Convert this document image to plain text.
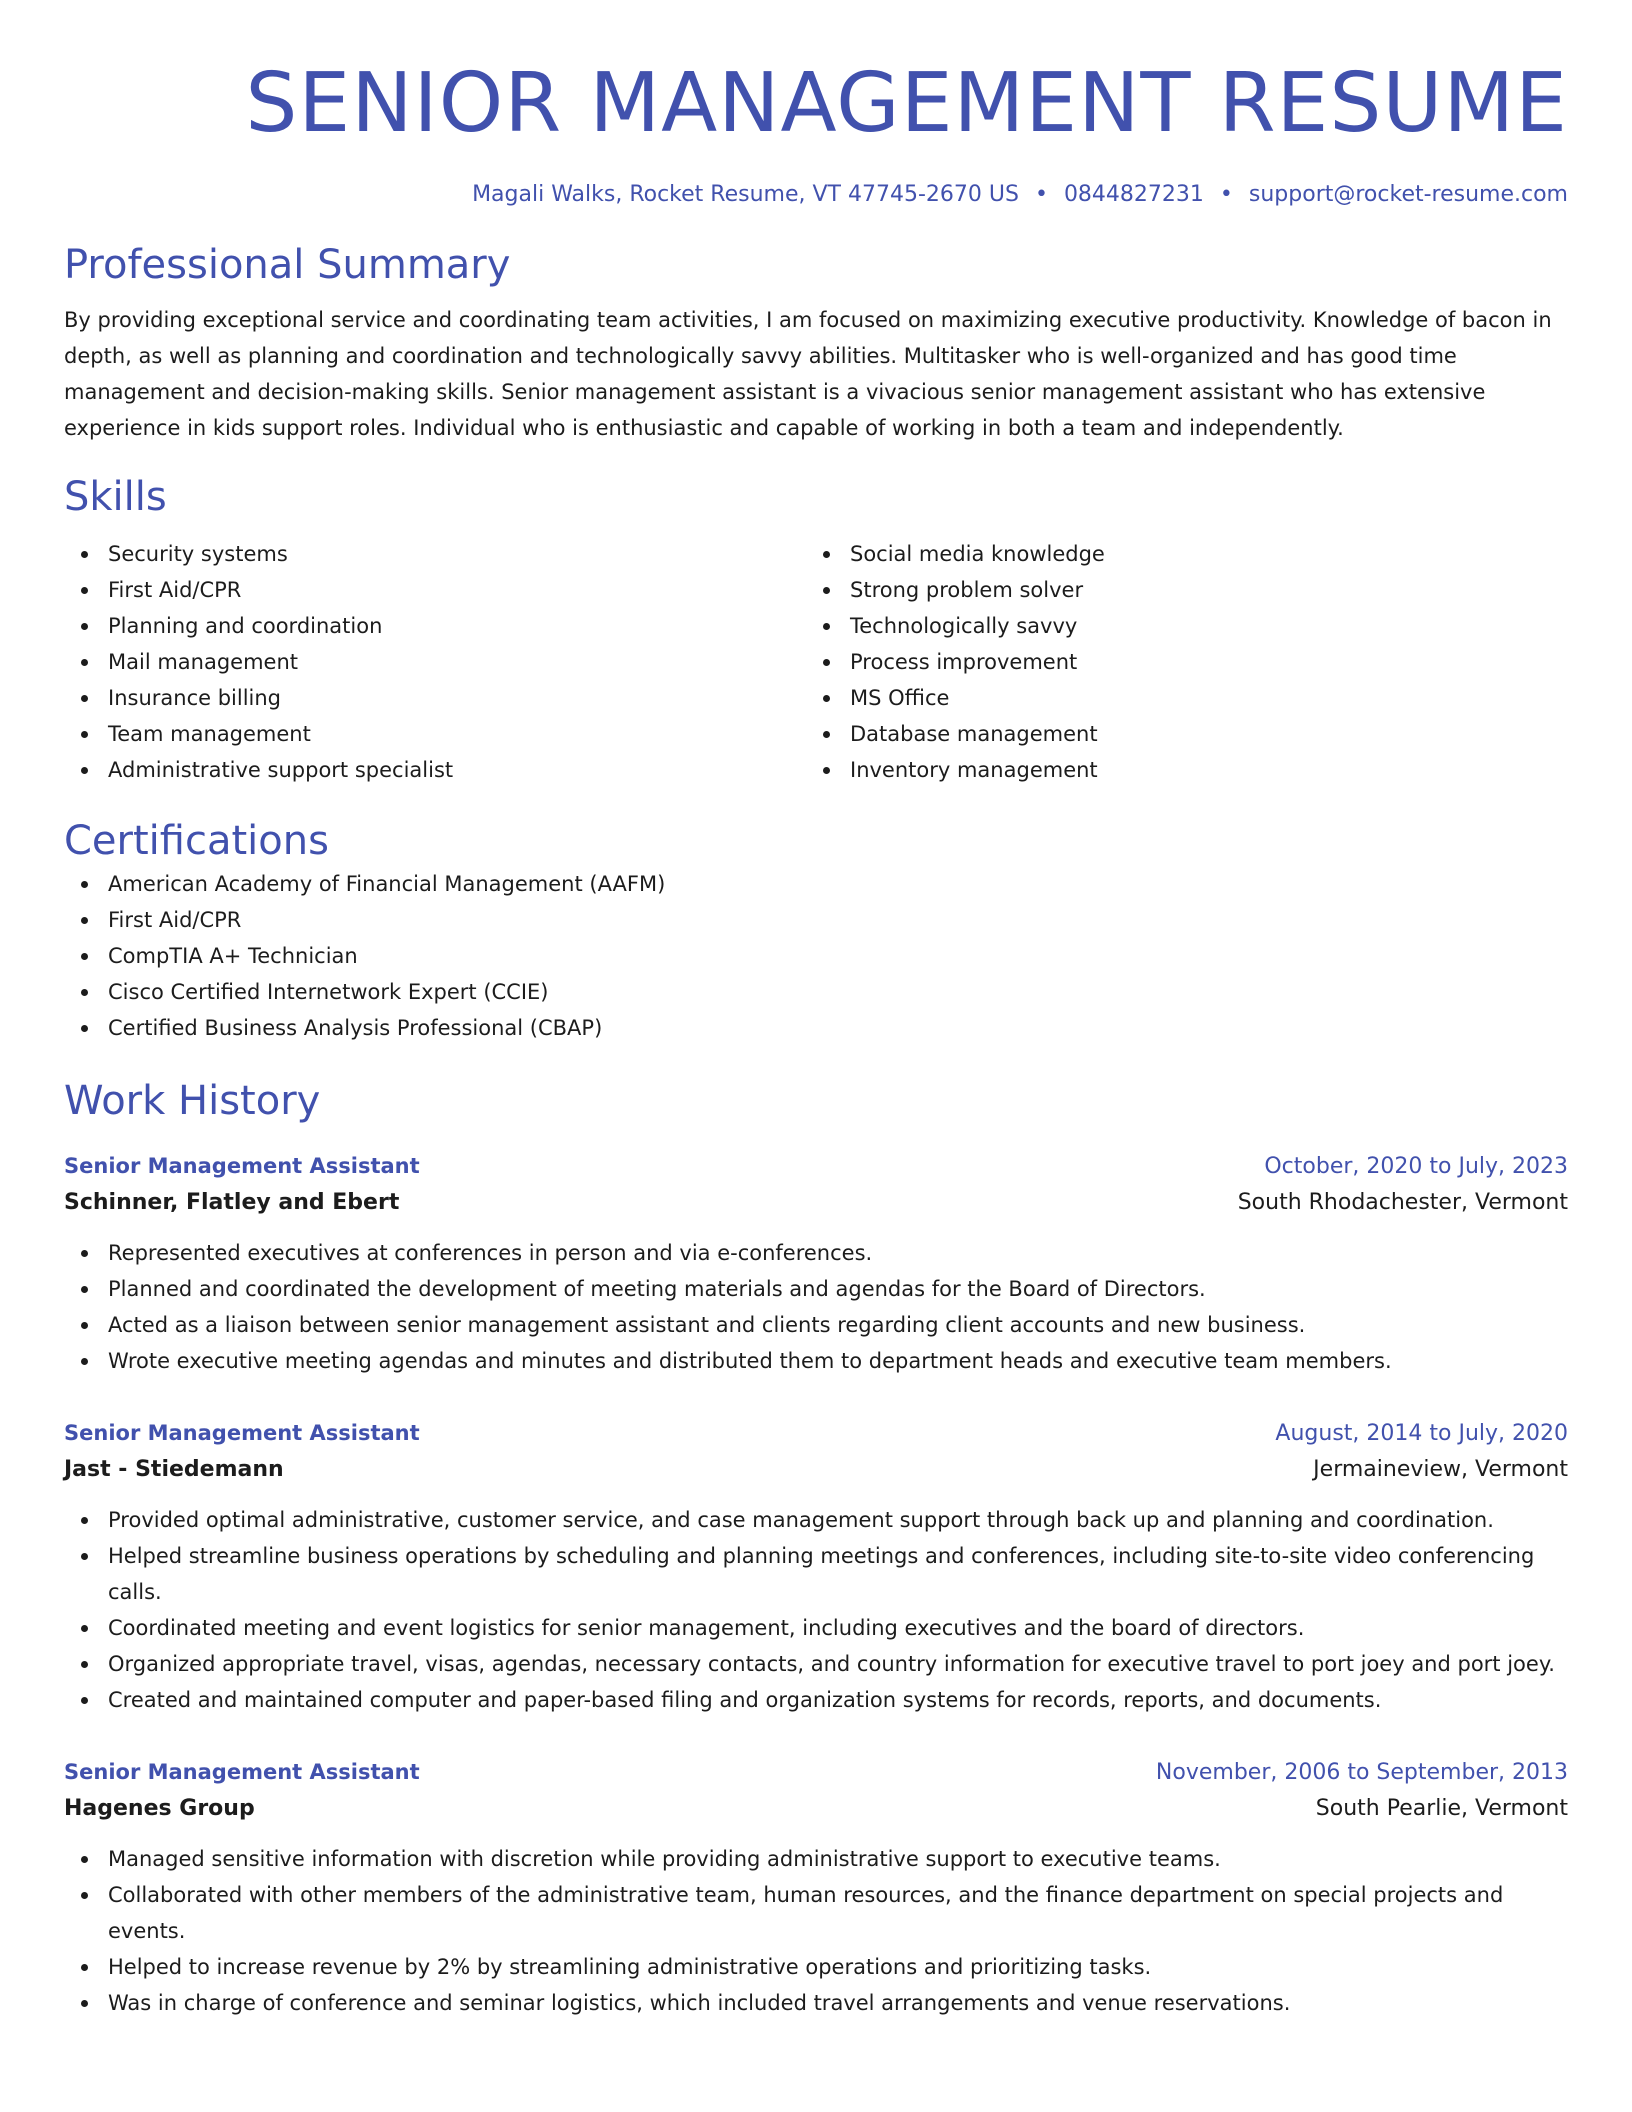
SENIOR MANAGEMENT RESUME
Magali Walks, Rocket Resume, VT 47745-2670 US • 0844827231 • support@rocket-resume.com
Professional Summary

By providing exceptional service and coordinating team activities, I am focused on maximizing executive productivity. Knowledge of bacon in depth, as well as planning and coordination and technologically savvy abilities. Multitasker who is well-organized and has good time management and decision-making skills. Senior management assistant is a vivacious senior management assistant who has extensive experience in kids support roles. Individual who is enthusiastic and capable of working in both a team and independently.

Skills
Security systems
First Aid/CPR
Planning and coordination
Mail management
Insurance billing
Team management
Administrative support specialist
Social media knowledge
Strong problem solver
Technologically savvy
Process improvement
MS Office
Database management
Inventory management
Certifications
American Academy of Financial Management (AAFM)
First Aid/CPR
CompTIA A+ Technician
Cisco Certified Internetwork Expert (CCIE)
Certified Business Analysis Professional (CBAP)
Work History
Senior Management Assistant	October, 2020 to July, 2023
Schinner, Flatley and Ebert	South Rhodachester, Vermont
Represented executives at conferences in person and via e-conferences.
Planned and coordinated the development of meeting materials and agendas for the Board of Directors.
Acted as a liaison between senior management assistant and clients regarding client accounts and new business.
Wrote executive meeting agendas and minutes and distributed them to department heads and executive team members.
Senior Management Assistant	August, 2014 to July, 2020
Jast - Stiedemann	Jermaineview, Vermont
Provided optimal administrative, customer service, and case management support through back up and planning and coordination.
Helped streamline business operations by scheduling and planning meetings and conferences, including site-to-site video conferencing calls.
Coordinated meeting and event logistics for senior management, including executives and the board of directors.
Organized appropriate travel, visas, agendas, necessary contacts, and country information for executive travel to port joey and port joey.
Created and maintained computer and paper-based filing and organization systems for records, reports, and documents.
Senior Management Assistant	November, 2006 to September, 2013
Hagenes Group	South Pearlie, Vermont
Managed sensitive information with discretion while providing administrative support to executive teams.
Collaborated with other members of the administrative team, human resources, and the finance department on special projects and events.
Helped to increase revenue by 2% by streamlining administrative operations and prioritizing tasks.
Was in charge of conference and seminar logistics, which included travel arrangements and venue reservations.
